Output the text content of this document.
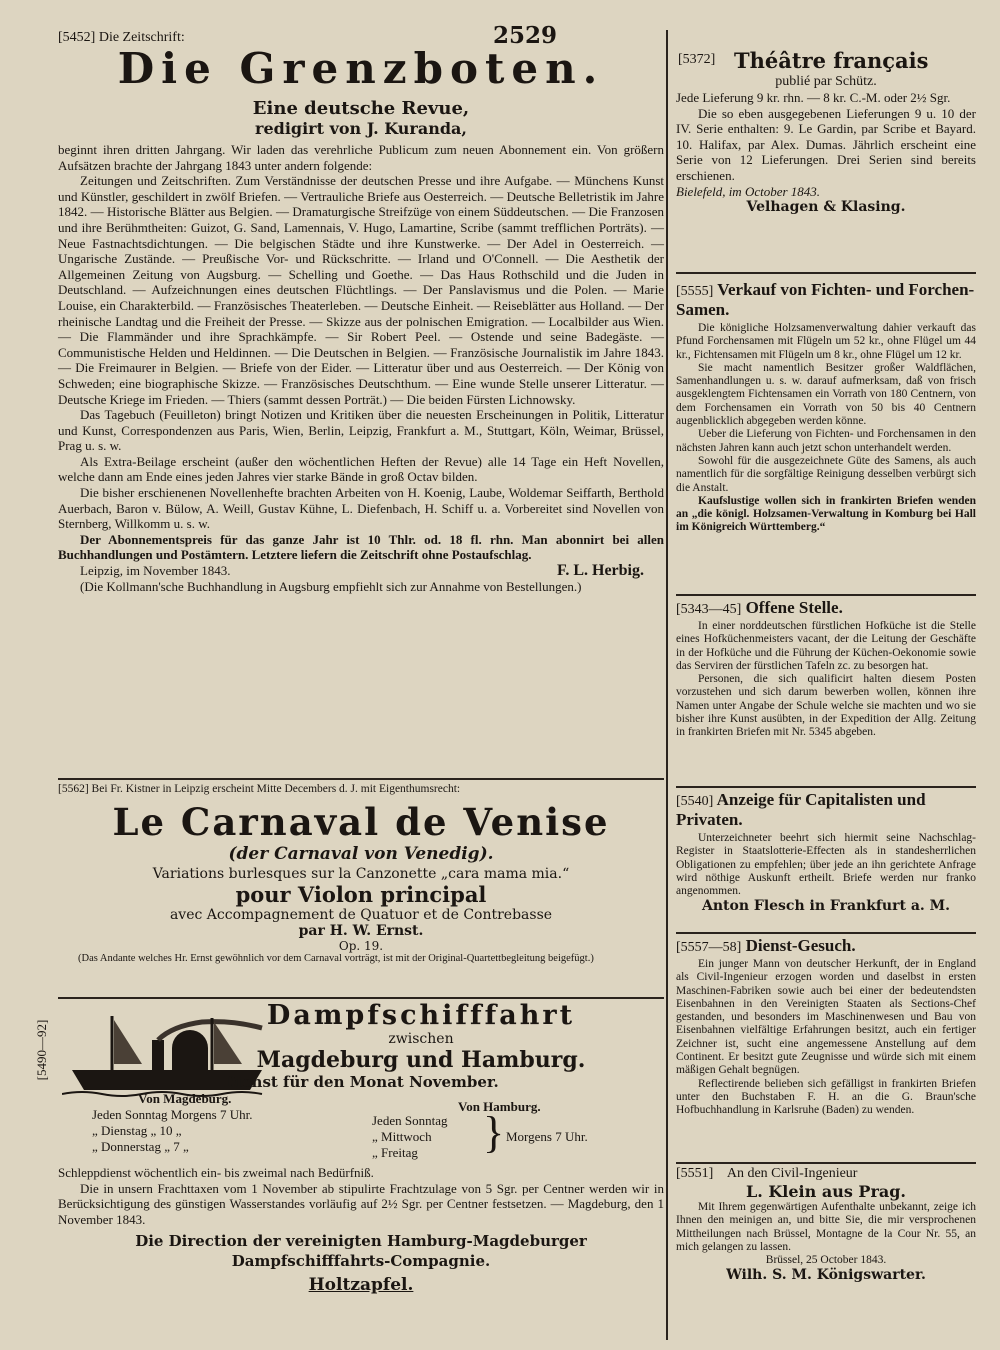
2529
[5452] Die Zeitschrift:
Die Grenzboten.
Eine deutsche Revue,
redigirt von J. Kuranda,

beginnt ihren dritten Jahrgang. Wir laden das verehrliche Publicum zum neuen Abonnement ein. Von größern Aufsätzen brachte der Jahrgang 1843 unter andern folgende:

Zeitungen und Zeitschriften. Zum Verständnisse der deutschen Presse und ihre Aufgabe. — Münchens Kunst und Künstler, geschildert in zwölf Briefen. — Vertrauliche Briefe aus Oesterreich. — Deutsche Belletristik im Jahre 1842. — Historische Blätter aus Belgien. — Dramaturgische Streifzüge von einem Süddeutschen. — Die Franzosen und ihre Berühmtheiten: Guizot, G. Sand, Lamennais, V. Hugo, Lamartine, Scribe (sammt trefflichen Porträts). — Neue Fastnachtsdichtungen. — Die belgischen Städte und ihre Kunstwerke. — Der Adel in Oesterreich. — Ungarische Zustände. — Preußische Vor- und Rückschritte. — Irland und O'Connell. — Die Aesthetik der Allgemeinen Zeitung von Augsburg. — Schelling und Goethe. — Das Haus Rothschild und die Juden in Deutschland. — Aufzeichnungen eines deutschen Flüchtlings. — Der Panslavismus und die Polen. — Marie Louise, ein Charakterbild. — Französisches Theaterleben. — Deutsche Einheit. — Reiseblätter aus Holland. — Der rheinische Landtag und die Freiheit der Presse. — Skizze aus der polnischen Emigration. — Localbilder aus Wien. — Die Flammänder und ihre Sprachkämpfe. — Sir Robert Peel. — Ostende und seine Badegäste. — Communistische Helden und Heldinnen. — Die Deutschen in Belgien. — Französische Journalistik im Jahre 1843. — Die Freimaurer in Belgien. — Briefe von der Eider. — Litteratur über und aus Oesterreich. — Der König von Schweden; eine biographische Skizze. — Französisches Deutschthum. — Eine wunde Stelle unserer Litteratur. — Deutsche Kriege im Frieden. — Thiers (sammt dessen Porträt.) — Die beiden Fürsten Lichnowsky.

Das Tagebuch (Feuilleton) bringt Notizen und Kritiken über die neuesten Erscheinungen in Politik, Litteratur und Kunst, Correspondenzen aus Paris, Wien, Berlin, Leipzig, Frankfurt a. M., Stuttgart, Köln, Weimar, Brüssel, Prag u. s. w.

Als Extra-Beilage erscheint (außer den wöchentlichen Heften der Revue) alle 14 Tage ein Heft Novellen, welche dann am Ende eines jeden Jahres vier starke Bände in groß Octav bilden.

Die bisher erschienenen Novellenhefte brachten Arbeiten von H. Koenig, Laube, Woldemar Seiffarth, Berthold Auerbach, Baron v. Bülow, A. Weill, Gustav Kühne, L. Diefenbach, H. Schiff u. a. Vorbereitet sind Novellen von Sternberg, Willkomm u. s. w.

Der Abonnementspreis für das ganze Jahr ist 10 Thlr. od. 18 fl. rhn. Man abonnirt bei allen Buchhandlungen und Postämtern. Letztere liefern die Zeitschrift ohne Postaufschlag.

Leipzig, im November 1843.	F. L. Herbig.

(Die Kollmann'sche Buchhandlung in Augsburg empfiehlt sich zur Annahme von Bestellungen.)

[5562] Bei Fr. Kistner in Leipzig erscheint Mitte Decembers d. J. mit Eigenthumsrecht:
Le Carnaval de Venise
(der Carnaval von Venedig).
Variations burlesques sur la Canzonette „cara mama mia.“
pour Violon principal
avec Accompagnement de Quatuor et de Contrebasse
par H. W. Ernst.
Op. 19.
(Das Andante welches Hr. Ernst gewöhnlich vor dem Carnaval vorträgt, ist mit der Original-Quartettbegleitung beigefügt.)
[5490—92]
Dampfschifffahrt
zwischen
Magdeburg und Hamburg.
Dienst für den Monat November.
Von Magdeburg.
Von Hamburg.
Jeden Sonntag Morgens 7 Uhr.
„ Dienstag „ 10 „
„ Donnerstag „ 7 „
Jeden Sonntag
„ Mittwoch
„ Freitag } Morgens 7 Uhr.
Schleppdienst wöchentlich ein- bis zweimal nach Bedürfniß.
Die in unsern Frachttaxen vom 1 November ab stipulirte Frachtzulage von 5 Sgr. per Centner werden wir in Berücksichtigung des günstigen Wasserstandes vorläufig auf 2½ Sgr. per Centner festsetzen. — Magdeburg, den 1 November 1843.
Die Direction der vereinigten Hamburg-Magdeburger Dampfschifffahrts-Compagnie.
Holtzapfel.
[5372] Théâtre français
publié par Schütz.
Jede Lieferung 9 kr. rhn. — 8 kr. C.-M. oder 2½ Sgr.
Die so eben ausgegebenen Lieferungen 9 u. 10 der IV. Serie enthalten: 9. Le Gardin, par Scribe et Bayard. 10. Halifax, par Alex. Dumas. Jährlich erscheint eine Serie von 12 Lieferungen. Drei Serien sind bereits erschienen.
Bielefeld, im October 1843.
Velhagen & Klasing.
[5555] Verkauf von Fichten- und Forchen-Samen.

Die königliche Holzsamenverwaltung dahier verkauft das Pfund Forchensamen mit Flügeln um 52 kr., ohne Flügel um 44 kr., Fichtensamen mit Flügeln um 8 kr., ohne Flügel um 12 kr.

Sie macht namentlich Besitzer großer Waldflächen, Samenhandlungen u. s. w. darauf aufmerksam, daß von frisch ausgeklengtem Fichtensamen ein Vorrath von 180 Centnern, von dem Forchensamen ein Vorrath von 50 bis 40 Centnern augenblicklich abgegeben werden könne.

Ueber die Lieferung von Fichten- und Forchensamen in den nächsten Jahren kann auch jetzt schon unterhandelt werden.

Sowohl für die ausgezeichnete Güte des Samens, als auch namentlich für die sorgfältige Reinigung desselben verbürgt sich die Anstalt.

Kaufslustige wollen sich in frankirten Briefen wenden an „die königl. Holzsamen-Verwaltung in Komburg bei Hall im Königreich Württemberg.“

[5343—45] Offene Stelle.

In einer norddeutschen fürstlichen Hofküche ist die Stelle eines Hofküchenmeisters vacant, der die Leitung der Geschäfte in der Hofküche und die Führung der Küchen-Oekonomie sowie das Serviren der fürstlichen Tafeln zc. zu besorgen hat.

Personen, die sich qualificirt halten diesem Posten vorzustehen und sich darum bewerben wollen, können ihre Namen unter Angabe der Schule welche sie machten und wo sie bisher ihre Kunst ausübten, in der Expedition der Allg. Zeitung in frankirten Briefen mit Nr. 5345 abgeben.

[5540] Anzeige für Capitalisten und Privaten.

Unterzeichneter beehrt sich hiermit seine Nachschlag-Register in Staatslotterie-Effecten als in standesherrlichen Obligationen zu empfehlen; über jede an ihn gerichtete Anfrage wird nöthige Auskunft ertheilt. Briefe werden nur franko angenommen.

Anton Flesch in Frankfurt a. M.
[5557—58] Dienst-Gesuch.

Ein junger Mann von deutscher Herkunft, der in England als Civil-Ingenieur erzogen worden und daselbst in ersten Maschinen-Fabriken sowie auch bei einer der bedeutendsten Eisenbahnen in den Vereinigten Staaten als Sections-Chef gestanden, und besonders im Maschinenwesen und Bau von Eisenbahnen vielfältige Erfahrungen besitzt, auch ein fertiger Zeichner ist, sucht eine angemessene Anstellung auf dem Continent. Er besitzt gute Zeugnisse und würde sich mit einem mäßigen Gehalt begnügen.

Reflectirende belieben sich gefälligst in frankirten Briefen unter den Buchstaben F. H. an die G. Braun'sche Hofbuchhandlung in Karlsruhe (Baden) zu wenden.

[5551] An den Civil-Ingenieur
L. Klein aus Prag.

Mit Ihrem gegenwärtigen Aufenthalte unbekannt, zeige ich Ihnen den meinigen an, und bitte Sie, die mir versprochenen Mittheilungen nach Brüssel, Montagne de la Cour Nr. 55, an mich gelangen zu lassen.

Brüssel, 25 October 1843.

Wilh. S. M. Königswarter.
